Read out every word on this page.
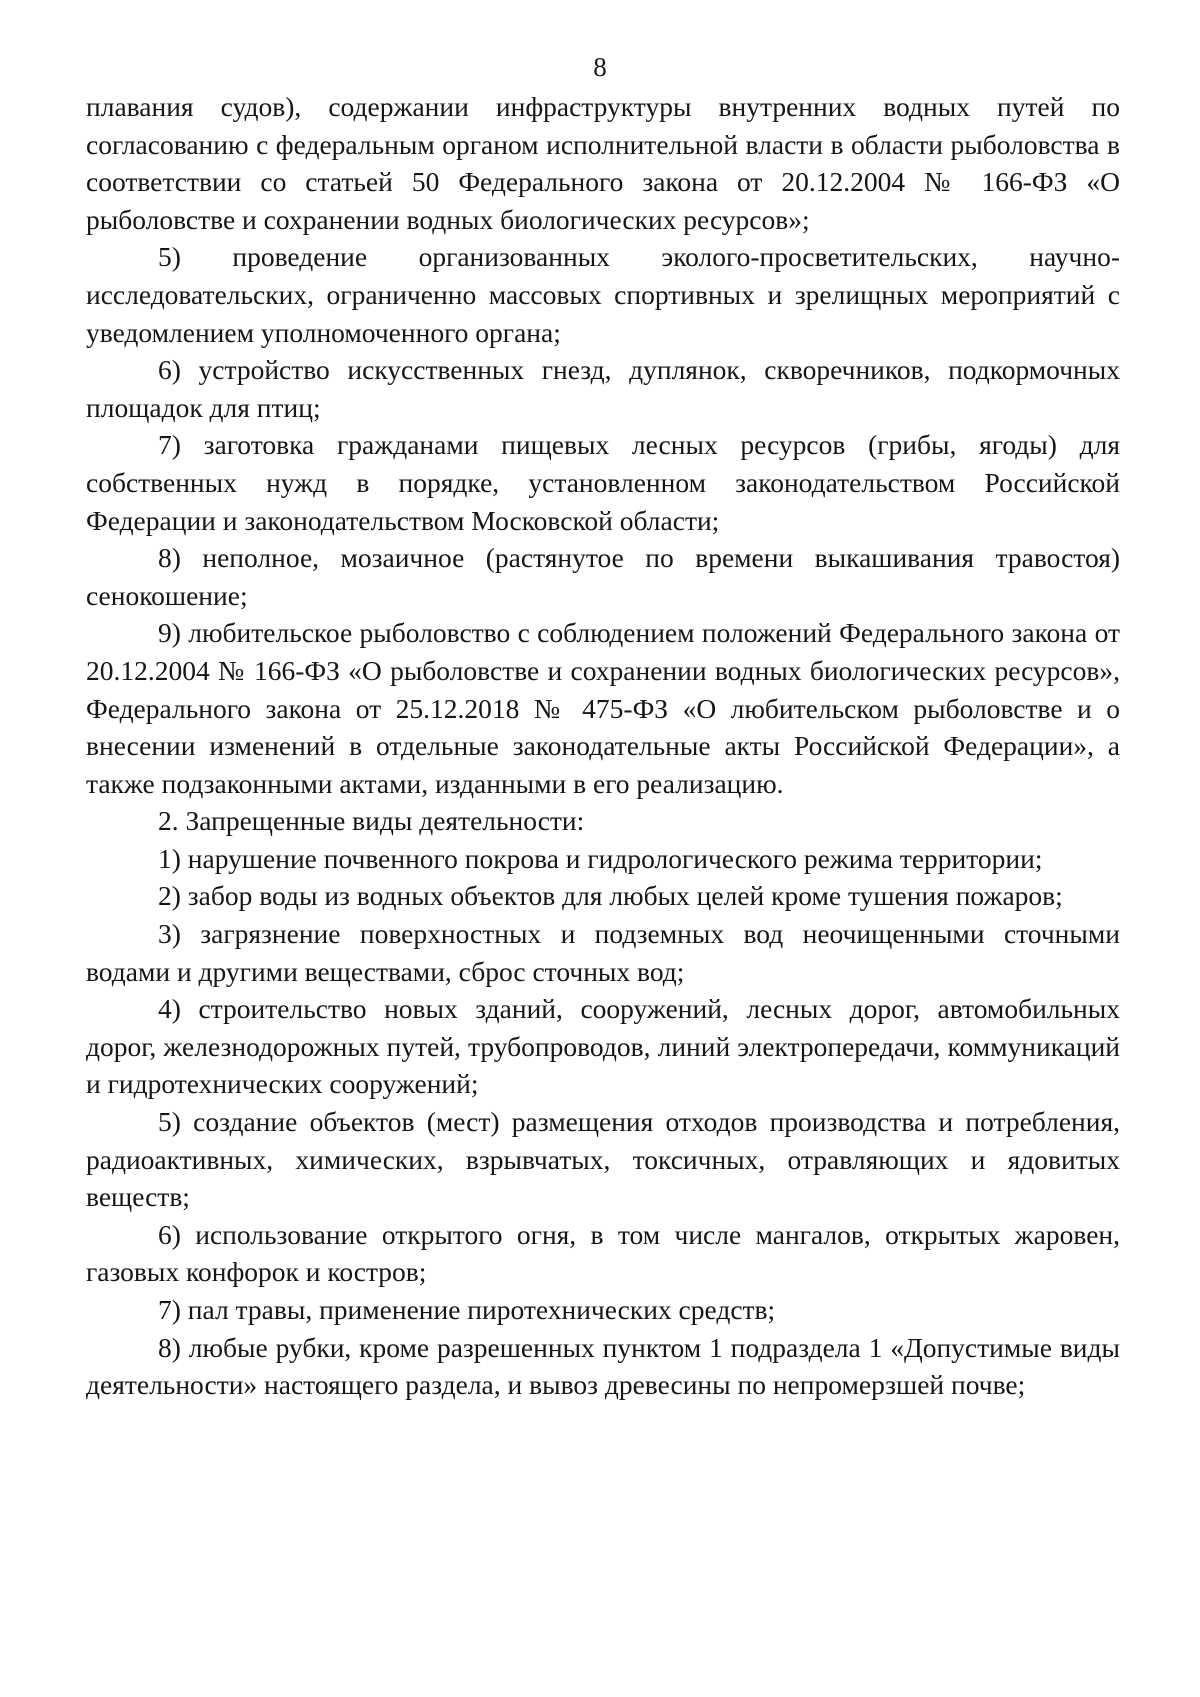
8

плавания судов), содержании инфраструктуры внутренних водных путей по согласованию с федеральным органом исполнительной власти в области рыболовства в соответствии со статьей 50 Федерального закона от 20.12.2004 № 166-ФЗ «О рыболовстве и сохранении водных биологических ресурсов»;

5) проведение организованных эколого-просветительских, научно-исследовательских, ограниченно массовых спортивных и зрелищных мероприятий с уведомлением уполномоченного органа;

6) устройство искусственных гнезд, дуплянок, скворечников, подкормочных площадок для птиц;

7) заготовка гражданами пищевых лесных ресурсов (грибы, ягоды) для собственных нужд в порядке, установленном законодательством Российской Федерации и законодательством Московской области;

8) неполное, мозаичное (растянутое по времени выкашивания травостоя) сенокошение;

9) любительское рыболовство с соблюдением положений Федерального закона от 20.12.2004 № 166-ФЗ «О рыболовстве и сохранении водных биологических ресурсов», Федерального закона от 25.12.2018 № 475-ФЗ «О любительском рыболовстве и о внесении изменений в отдельные законодательные акты Российской Федерации», а также подзаконными актами, изданными в его реализацию.

2. Запрещенные виды деятельности:

1) нарушение почвенного покрова и гидрологического режима территории;

2) забор воды из водных объектов для любых целей кроме тушения пожаров;

3) загрязнение поверхностных и подземных вод неочищенными сточными водами и другими веществами, сброс сточных вод;

4) строительство новых зданий, сооружений, лесных дорог, автомобильных дорог, железнодорожных путей, трубопроводов, линий электропередачи, коммуникаций и гидротехнических сооружений;

5) создание объектов (мест) размещения отходов производства и потребления, радиоактивных, химических, взрывчатых, токсичных, отравляющих и ядовитых веществ;

6) использование открытого огня, в том числе мангалов, открытых жаровен, газовых конфорок и костров;

7) пал травы, применение пиротехнических средств;

8) любые рубки, кроме разрешенных пунктом 1 подраздела 1 «Допустимые виды деятельности» настоящего раздела, и вывоз древесины по непромерзшей почве;
